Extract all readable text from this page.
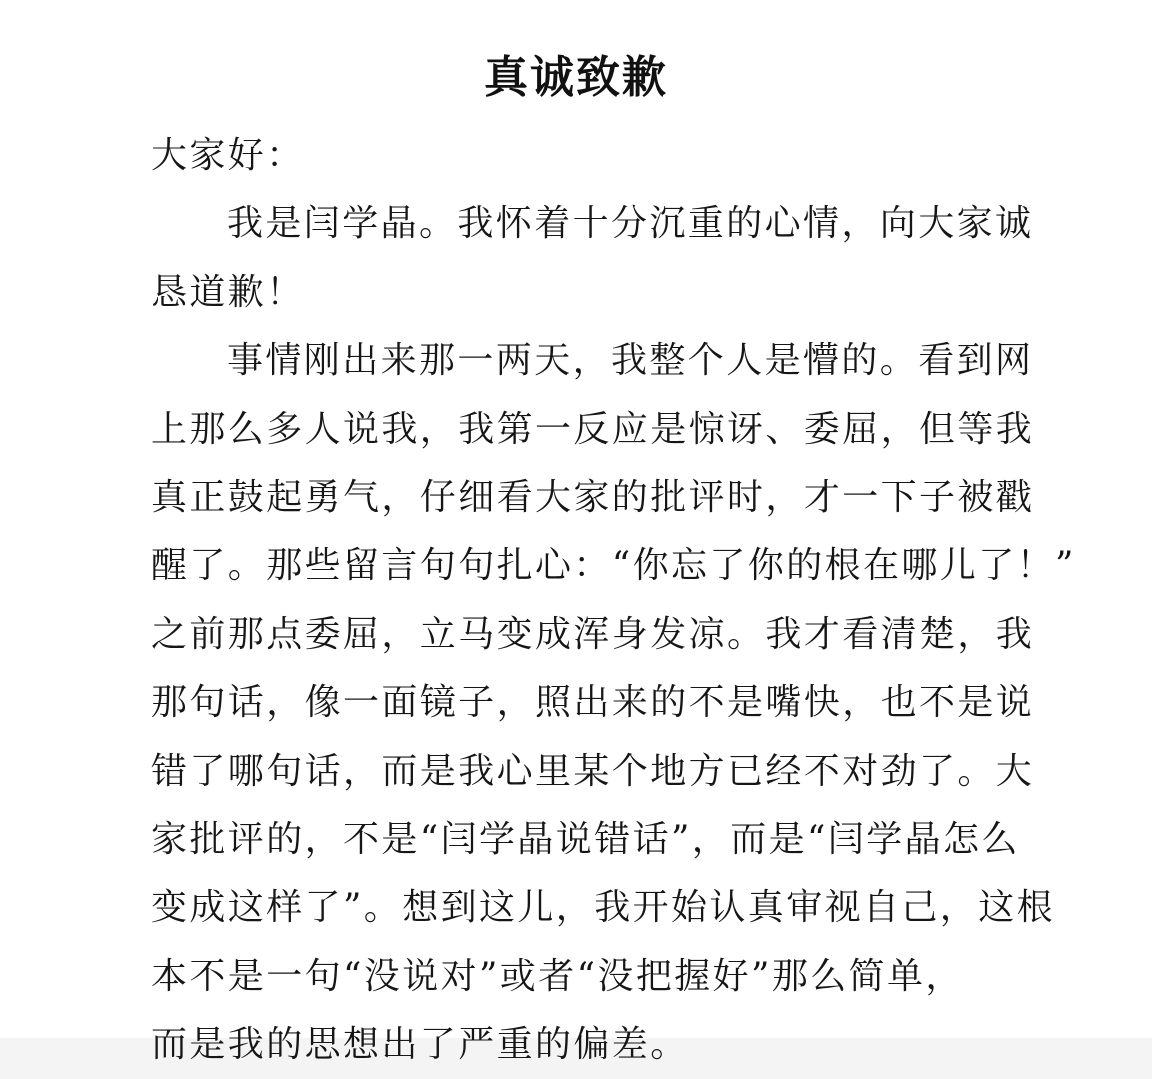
真诚致歉
大家好：
我是闫学晶。我怀着十分沉重的心情，向大家诚
恳道歉！
事情刚出来那一两天，我整个人是懵的。看到网
上那么多人说我，我第一反应是惊讶、委屈，但等我
真正鼓起勇气，仔细看大家的批评时，才一下子被戳
醒了。那些留言句句扎心：“你忘了你的根在哪儿了！”
之前那点委屈，立马变成浑身发凉。我才看清楚，我
那句话，像一面镜子，照出来的不是嘴快，也不是说
错了哪句话，而是我心里某个地方已经不对劲了。大
家批评的，不是“闫学晶说错话”，而是“闫学晶怎么
变成这样了”。想到这儿，我开始认真审视自己，这根
本不是一句“没说对”或者“没把握好”那么简单，
而是我的思想出了严重的偏差。
